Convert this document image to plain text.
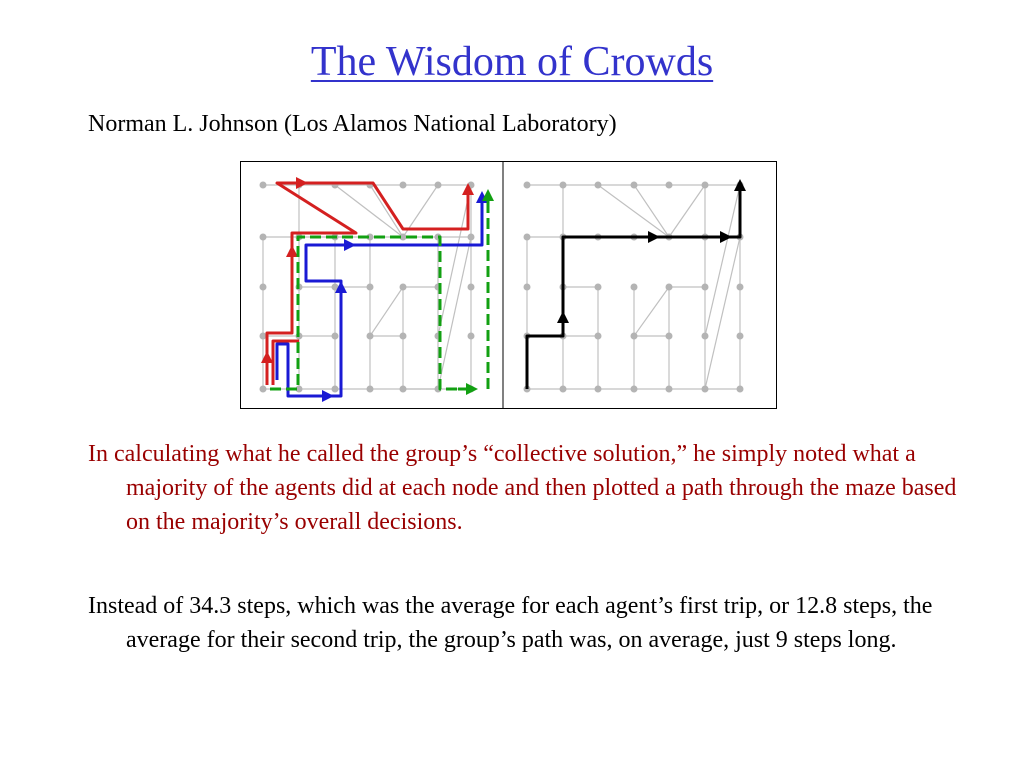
The Wisdom of Crowds
Norman L. Johnson (Los Alamos National Laboratory)
In calculating what he called the group’s “collective solution,” he simply noted what a majority of the agents did at each node and then plotted a path through the maze based on the majority’s overall decisions.
Instead of 34.3 steps, which was the average for each agent’s first trip, or 12.8 steps, the average for their second trip, the group’s path was, on average, just 9 steps long.
